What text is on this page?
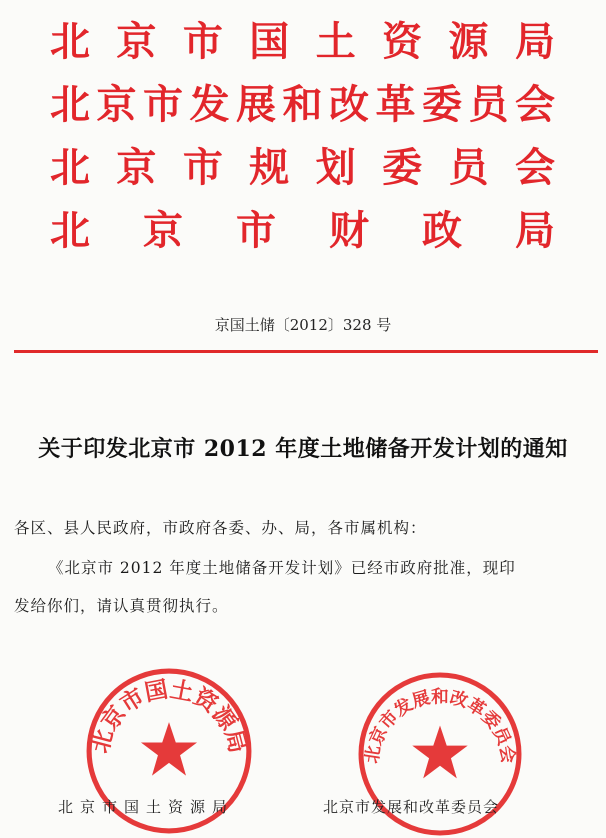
北 京 市 国 土 资 源 局
北 京 市 发 展 和 改 革 委 员 会
北 京 市 规 划 委 员 会
北 京 市 财 政 局
京国土储〔2012〕328 号
关于印发北京市 2012 年度土地储备开发计划的通知
各区、县人民政府，市政府各委、办、局，各市属机构：
《北京市 2012 年度土地储备开发计划》已经市政府批准，现印
发给你们，请认真贯彻执行。
北京市国土资源局	北京市发展和改革委员会
北京市国土资源局	北京市发展和改革委员会
